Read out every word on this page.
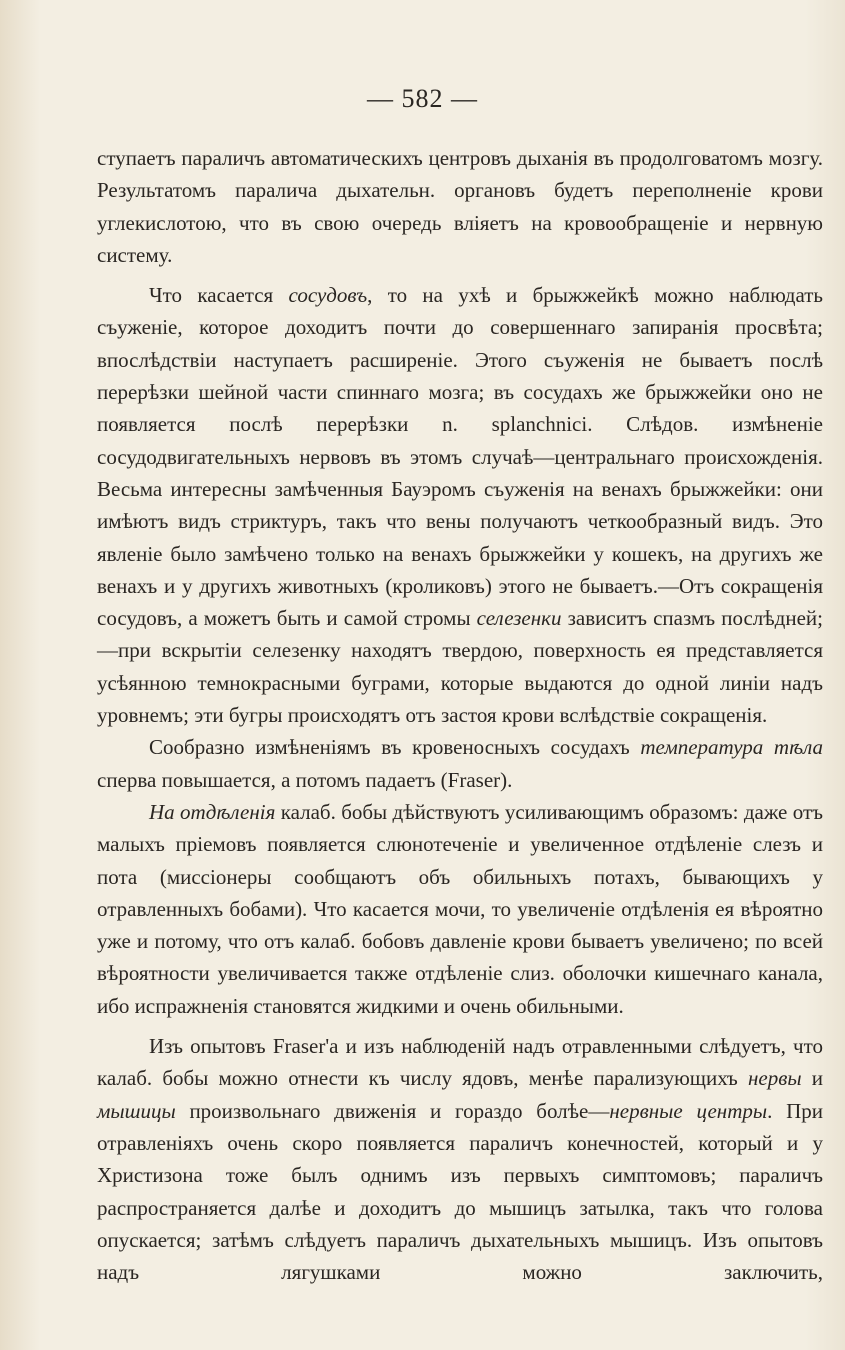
— 582 —

ступаетъ параличъ автоматическихъ центровъ дыханія въ продолговатомъ мозгу. Результатомъ паралича дыхательн. органовъ будетъ переполненіе крови углекислотою, что въ свою очередь вліяетъ на кровообращеніе и нервную систему.

Что касается сосудовъ, то на ухѣ и брыжжейкѣ можно наблюдать съуженіе, которое доходитъ почти до совершеннаго запиранія просвѣта; впослѣдствіи наступаетъ расширеніе. Этого съуженія не бываетъ послѣ перерѣзки шейной части спиннаго мозга; въ сосудахъ же брыжжейки оно не появляется послѣ перерѣзки n. splanchnici. Слѣдов. измѣненіе сосудодвигательныхъ нервовъ въ этомъ случаѣ—центральнаго происхожденія. Весьма интересны замѣченныя Бауэромъ съуженія на венахъ брыжжейки: они имѣютъ видъ стриктуръ, такъ что вены получаютъ четкообразный видъ. Это явленіе было замѣчено только на венахъ брыжжейки у кошекъ, на другихъ же венахъ и у другихъ животныхъ (кроликовъ) этого не бываетъ.—Отъ сокращенія сосудовъ, а можетъ быть и самой стромы селезенки зависитъ спазмъ послѣдней;—при вскрытіи селезенку находятъ твердою, поверхность ея представляется усѣянною темнокрасными буграми, которые выдаются до одной линіи надъ уровнемъ; эти бугры происходятъ отъ застоя крови вслѣдствіе сокращенія.

Сообразно измѣненіямъ въ кровеносныхъ сосудахъ температура тѣла сперва повышается, а потомъ падаетъ (Fraser).

На отдѣленія калаб. бобы дѣйствуютъ усиливающимъ образомъ: даже отъ малыхъ пріемовъ появляется слюнотеченіе и увеличенное отдѣленіе слезъ и пота (миссіонеры сообщаютъ объ обильныхъ потахъ, бывающихъ у отравленныхъ бобами). Что касается мочи, то увеличеніе отдѣленія ея вѣроятно уже и потому, что отъ калаб. бобовъ давленіе крови бываетъ увеличено; по всей вѣроятности увеличивается также отдѣленіе слиз. оболочки кишечнаго канала, ибо испражненія становятся жидкими и очень обильными.

Изъ опытовъ Fraser'а и изъ наблюденій надъ отравленными слѣдуетъ, что калаб. бобы можно отнести къ числу ядовъ, менѣе парализующихъ нервы и мышицы произвольнаго движенія и гораздо болѣе—нервные центры. При отравленіяхъ очень скоро появляется параличъ конечностей, который и у Христизона тоже былъ однимъ изъ первыхъ симптомовъ; параличъ распространяется далѣе и доходитъ до мышицъ затылка, такъ что голова опускается; затѣмъ слѣдуетъ параличъ дыхательныхъ мышицъ. Изъ опытовъ надъ лягушками можно заключить,
